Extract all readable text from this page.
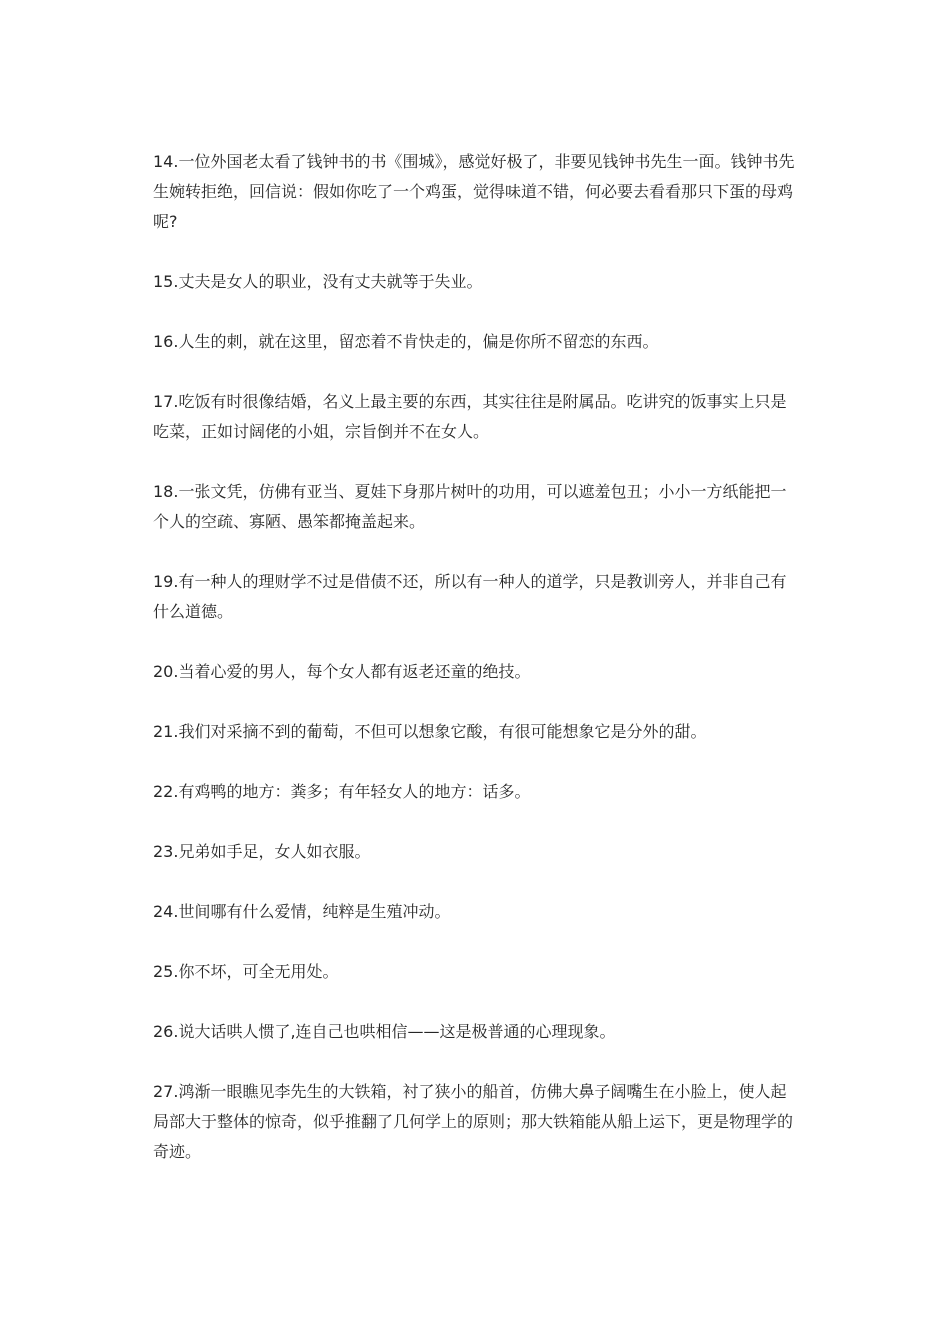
14.一位外国老太看了钱钟书的书《围城》，感觉好极了，非要见钱钟书先生一面。钱钟书先生婉转拒绝，回信说：假如你吃了一个鸡蛋，觉得味道不错，何必要去看看那只下蛋的母鸡呢?

15.丈夫是女人的职业，没有丈夫就等于失业。

16.人生的刺，就在这里，留恋着不肯快走的，偏是你所不留恋的东西。

17.吃饭有时很像结婚，名义上最主要的东西，其实往往是附属品。吃讲究的饭事实上只是吃菜，正如讨阔佬的小姐，宗旨倒并不在女人。

18.一张文凭，仿佛有亚当、夏娃下身那片树叶的功用，可以遮羞包丑；小小一方纸能把一个人的空疏、寡陋、愚笨都掩盖起来。

19.有一种人的理财学不过是借债不还，所以有一种人的道学，只是教训旁人，并非自己有什么道德。

20.当着心爱的男人，每个女人都有返老还童的绝技。

21.我们对采摘不到的葡萄，不但可以想象它酸，有很可能想象它是分外的甜。

22.有鸡鸭的地方：粪多；有年轻女人的地方：话多。

23.兄弟如手足，女人如衣服。

24.世间哪有什么爱情，纯粹是生殖冲动。

25.你不坏，可全无用处。

26.说大话哄人惯了,连自己也哄相信——这是极普通的心理现象。

27.鸿渐一眼瞧见李先生的大铁箱，衬了狭小的船首，仿佛大鼻子阔嘴生在小脸上，使人起局部大于整体的惊奇，似乎推翻了几何学上的原则；那大铁箱能从船上运下，更是物理学的奇迹。
